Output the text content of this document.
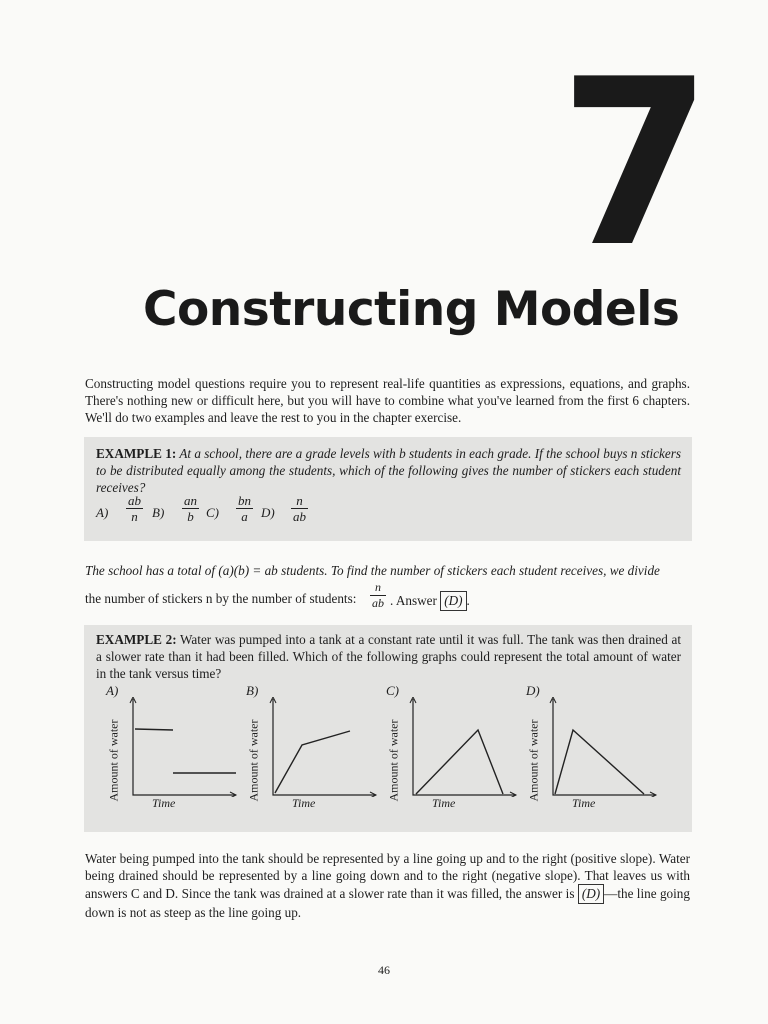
7
Constructing Models
Constructing model questions require you to represent real-life quantities as expressions, equations, and graphs. There's nothing new or difficult here, but you will have to combine what you've learned from the first 6 chapters. We'll do two examples and leave the rest to you in the chapter exercise.
EXAMPLE 1: At a school, there are a grade levels with b students in each grade. If the school buys n stickers to be distributed equally among the students, which of the following gives the number of stickers each student receives?
$A) \frac{ab}{n} B) \frac{an}{b} C) \frac{bn}{a} D) \frac{n}{ab}$
The school has a total of (a)(b) = ab students. To find the number of stickers each student receives, we divide
the number of stickers n by the number of students: $\frac{n}{ab}$ . Answer (D) .
EXAMPLE 2: Water was pumped into a tank at a constant rate until it was full. The tank was then drained at a slower rate than it had been filled. Which of the following graphs could represent the total amount of water in the tank versus time?
A)
Amount of water
Time
B)
Amount of water
Time
C)
Amount of water
Time
D)
Amount of water
Time
Water being pumped into the tank should be represented by a line going up and to the right (positive slope). Water being drained should be represented by a line going down and to the right (negative slope). That leaves us with answers C and D. Since the tank was drained at a slower rate than it was filled, the answer is (D) —the line going down is not as steep as the line going up.
46
